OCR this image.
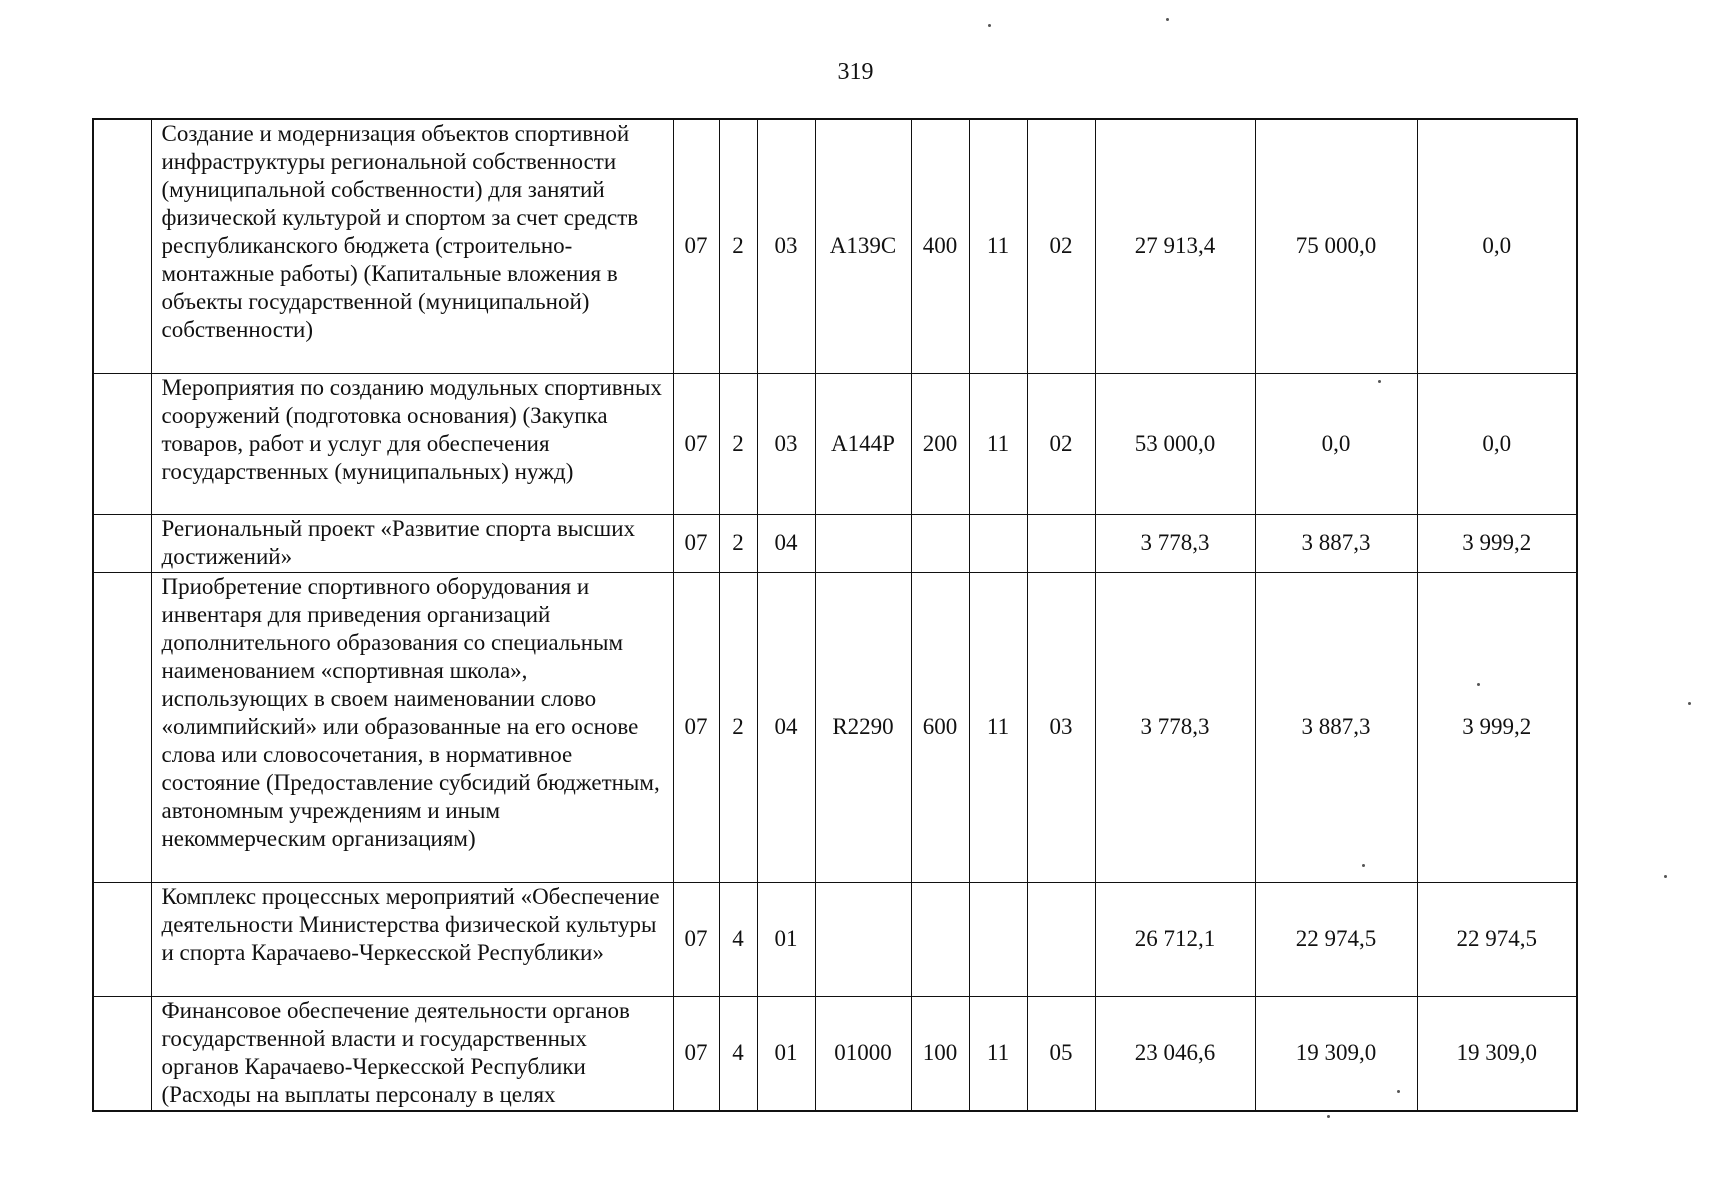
319
	Создание и модернизация объектов спортивной инфраструктуры региональной собственности (муниципальной собственности) для занятий физической культурой и спортом за счет средств республиканского бюджета (строительно-монтажные работы) (Капитальные вложения в объекты государственной (муниципальной) собственности)	07	2	03	A139C	400	11	02	27 913,4	75 000,0	0,0
	Мероприятия по созданию модульных спортивных сооружений (подготовка основания) (Закупка товаров, работ и услуг для обеспечения государственных (муниципальных) нужд)	07	2	03	A144P	200	11	02	53 000,0	0,0	0,0
	Региональный проект «Развитие спорта высших достижений»	07	2	04					3 778,3	3 887,3	3 999,2
	Приобретение спортивного оборудования и инвентаря для приведения организаций дополнительного образования со специальным наименованием «спортивная школа», использующих в своем наименовании слово «олимпийский» или образованные на его основе слова или словосочетания, в нормативное состояние (Предоставление субсидий бюджетным, автономным учреждениям и иным некоммерческим организациям)	07	2	04	R2290	600	11	03	3 778,3	3 887,3	3 999,2
	Комплекс процессных мероприятий «Обеспечение деятельности Министерства физической культуры и спорта Карачаево-Черкесской Республики»	07	4	01					26 712,1	22 974,5	22 974,5
	Финансовое обеспечение деятельности органов государственной власти и государственных органов Карачаево-Черкесской Республики (Расходы на выплаты персоналу в целях	07	4	01	01000	100	11	05	23 046,6	19 309,0	19 309,0
